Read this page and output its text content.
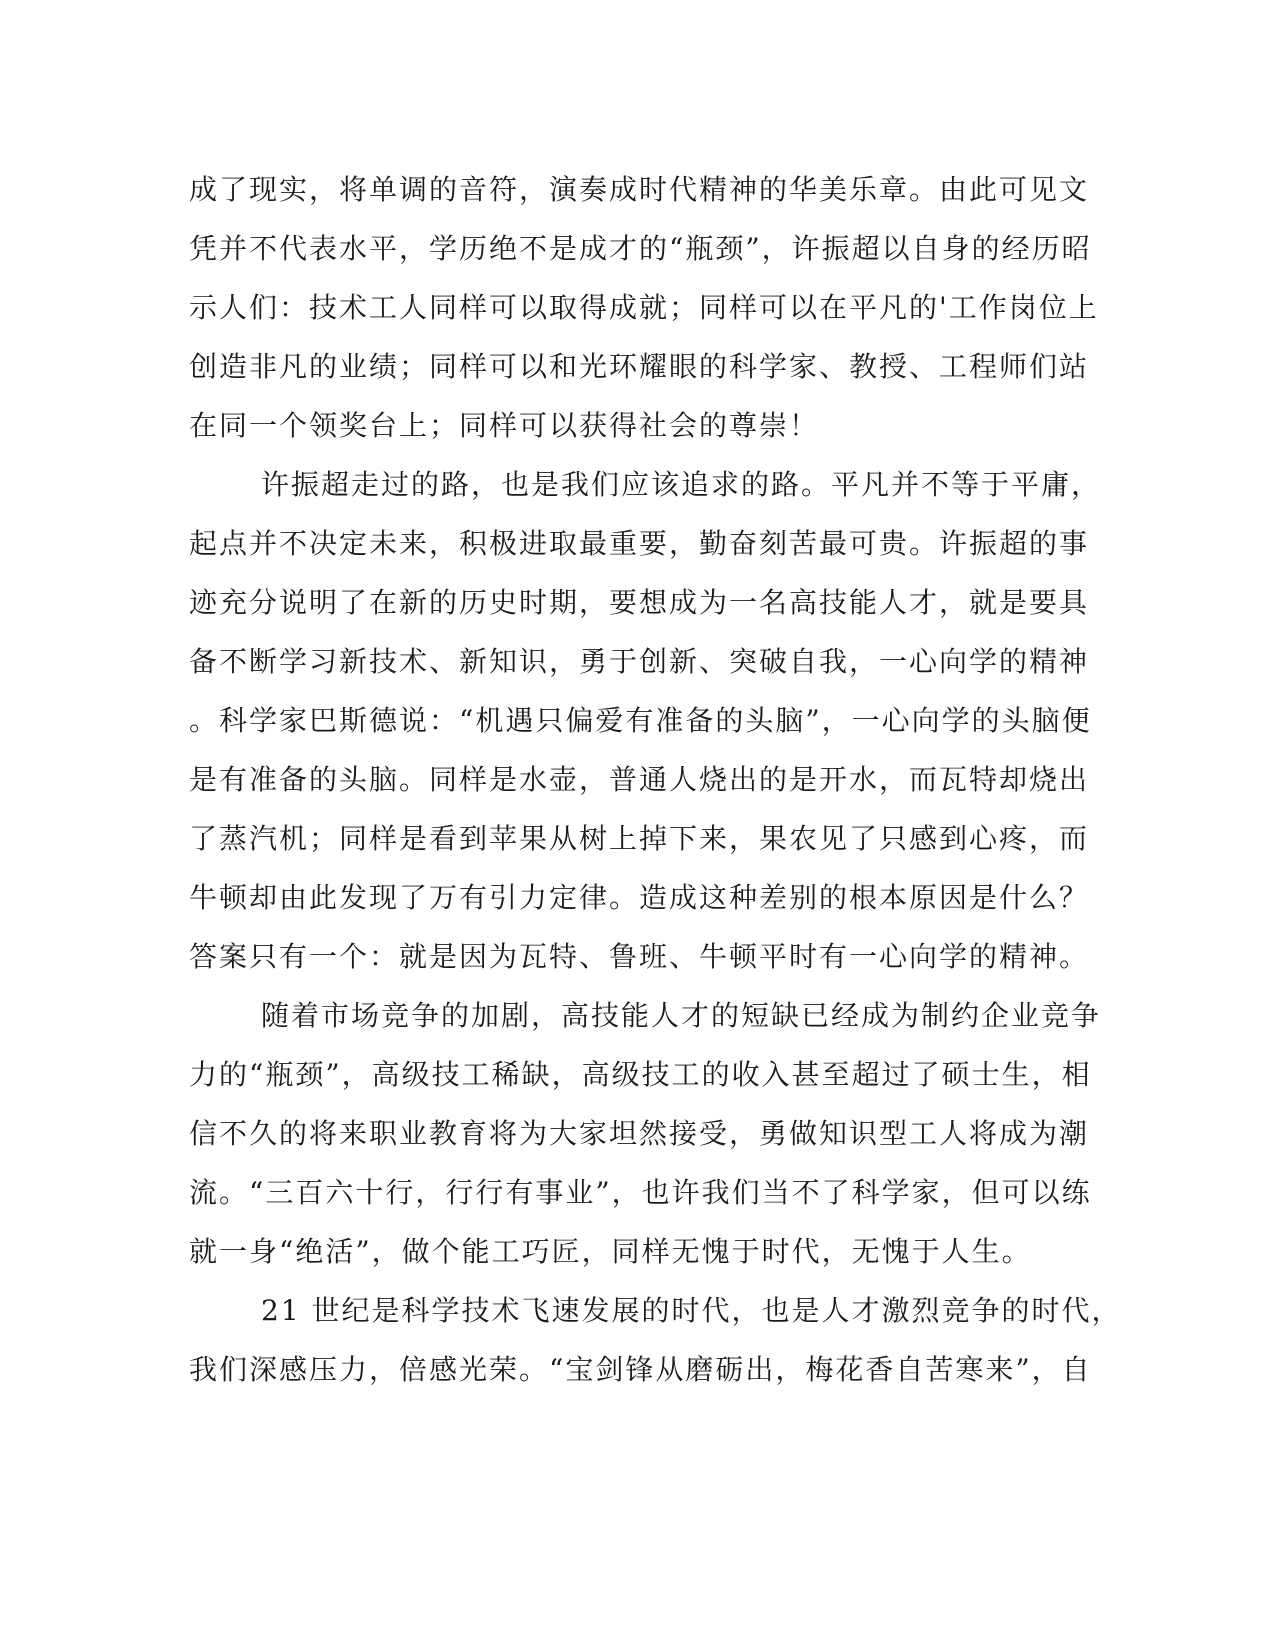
成了现实，将单调的音符，演奏成时代精神的华美乐章。由此可见文
凭并不代表水平，学历绝不是成才的“瓶颈”，许振超以自身的经历昭
示人们：技术工人同样可以取得成就；同样可以在平凡的'工作岗位上
创造非凡的业绩；同样可以和光环耀眼的科学家、教授、工程师们站
在同一个领奖台上；同样可以获得社会的尊崇！
许振超走过的路，也是我们应该追求的路。平凡并不等于平庸，
起点并不决定未来，积极进取最重要，勤奋刻苦最可贵。许振超的事
迹充分说明了在新的历史时期，要想成为一名高技能人才，就是要具
备不断学习新技术、新知识，勇于创新、突破自我，一心向学的精神
。科学家巴斯德说：“机遇只偏爱有准备的头脑”，一心向学的头脑便
是有准备的头脑。同样是水壶，普通人烧出的是开水，而瓦特却烧出
了蒸汽机；同样是看到苹果从树上掉下来，果农见了只感到心疼，而
牛顿却由此发现了万有引力定律。造成这种差别的根本原因是什么？
答案只有一个：就是因为瓦特、鲁班、牛顿平时有一心向学的精神。
随着市场竞争的加剧，高技能人才的短缺已经成为制约企业竞争
力的“瓶颈”，高级技工稀缺，高级技工的收入甚至超过了硕士生，相
信不久的将来职业教育将为大家坦然接受，勇做知识型工人将成为潮
流。“三百六十行，行行有事业”，也许我们当不了科学家，但可以练
就一身“绝活”，做个能工巧匠，同样无愧于时代，无愧于人生。
21 世纪是科学技术飞速发展的时代，也是人才激烈竞争的时代，
我们深感压力，倍感光荣。“宝剑锋从磨砺出，梅花香自苦寒来”，自
